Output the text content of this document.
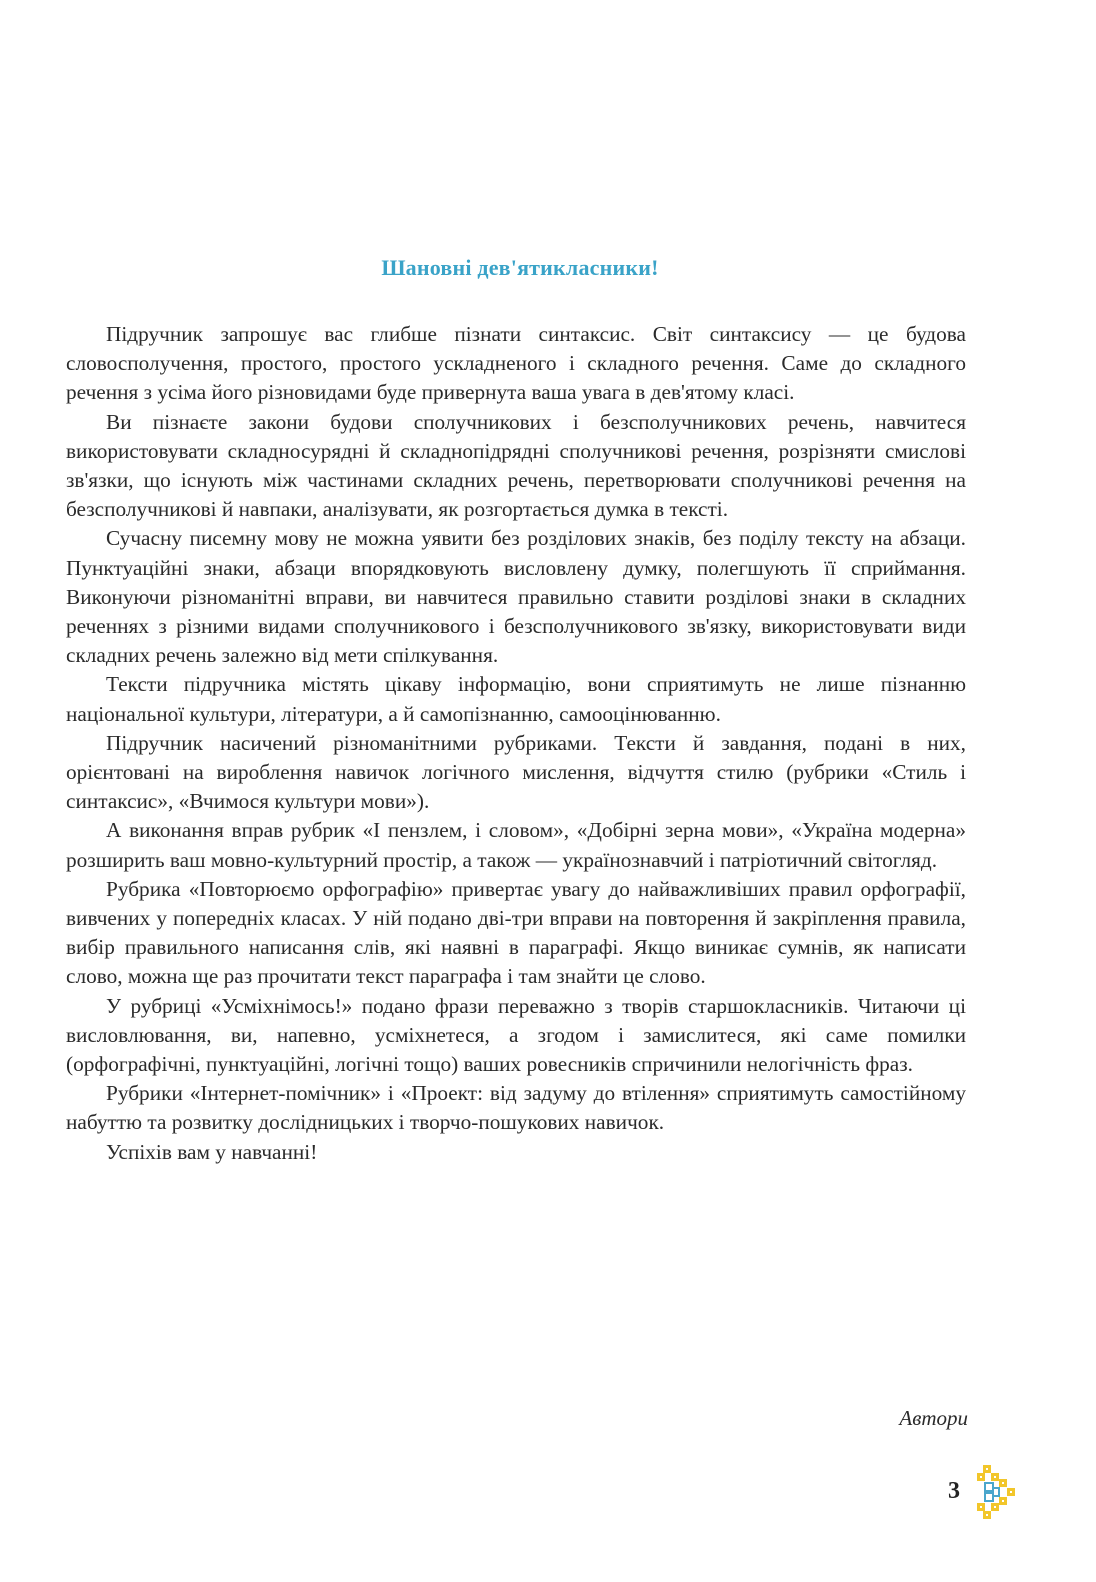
Шановні дев'ятикласники!

Підручник запрошує вас глибше пізнати синтаксис. Світ синтаксису — це будова словосполучення, простого, простого ускладненого і складного речення. Саме до складного речення з усіма його різновидами буде привернута ваша увага в дев'ятому класі.

Ви пізнаєте закони будови сполучникових і безсполучникових речень, навчитеся використовувати складносурядні й складнопідрядні сполучникові речення, розрізняти смислові зв'язки, що існують між частинами складних речень, перетворювати сполучникові речення на безсполучникові й навпаки, аналізувати, як розгортається думка в тексті.

Сучасну писемну мову не можна уявити без розділових знаків, без поділу тексту на абзаци. Пунктуаційні знаки, абзаци впорядковують висловлену думку, полегшують її сприймання. Виконуючи різноманітні вправи, ви навчитеся правильно ставити розділові знаки в складних реченнях з різними видами сполучникового і безсполучникового зв'язку, використовувати види складних речень залежно від мети спілкування.

Тексти підручника містять цікаву інформацію, вони сприятимуть не лише пізнанню національної культури, літератури, а й самопізнанню, самооцінюванню.

Підручник насичений різноманітними рубриками. Тексти й завдання, подані в них, орієнтовані на вироблення навичок логічного мислення, відчуття стилю (рубрики «Стиль і синтаксис», «Вчимося культури мови»).

А виконання вправ рубрик «І пензлем, і словом», «Добірні зерна мови», «Україна модерна» розширить ваш мовно-культурний простір, а також — українознавчий і патріотичний світогляд.

Рубрика «Повторюємо орфографію» привертає увагу до найважливіших правил орфографії, вивчених у попередніх класах. У ній подано дві-три вправи на повторення й закріплення правила, вибір правильного написання слів, які наявні в параграфі. Якщо виникає сумнів, як написати слово, можна ще раз прочитати текст параграфа і там знайти це слово.

У рубриці «Усміхнімось!» подано фрази переважно з творів старшокласників. Читаючи ці висловлювання, ви, напевно, усміхнетеся, а згодом і замислитеся, які саме помилки (орфографічні, пунктуаційні, логічні тощо) ваших ровесників спричинили нелогічність фраз.

Рубрики «Інтернет-помічник» і «Проект: від задуму до втілення» сприятимуть самостійному набуттю та розвитку дослідницьких і творчо-пошукових навичок.

Успіхів вам у навчанні!

Автори
3
